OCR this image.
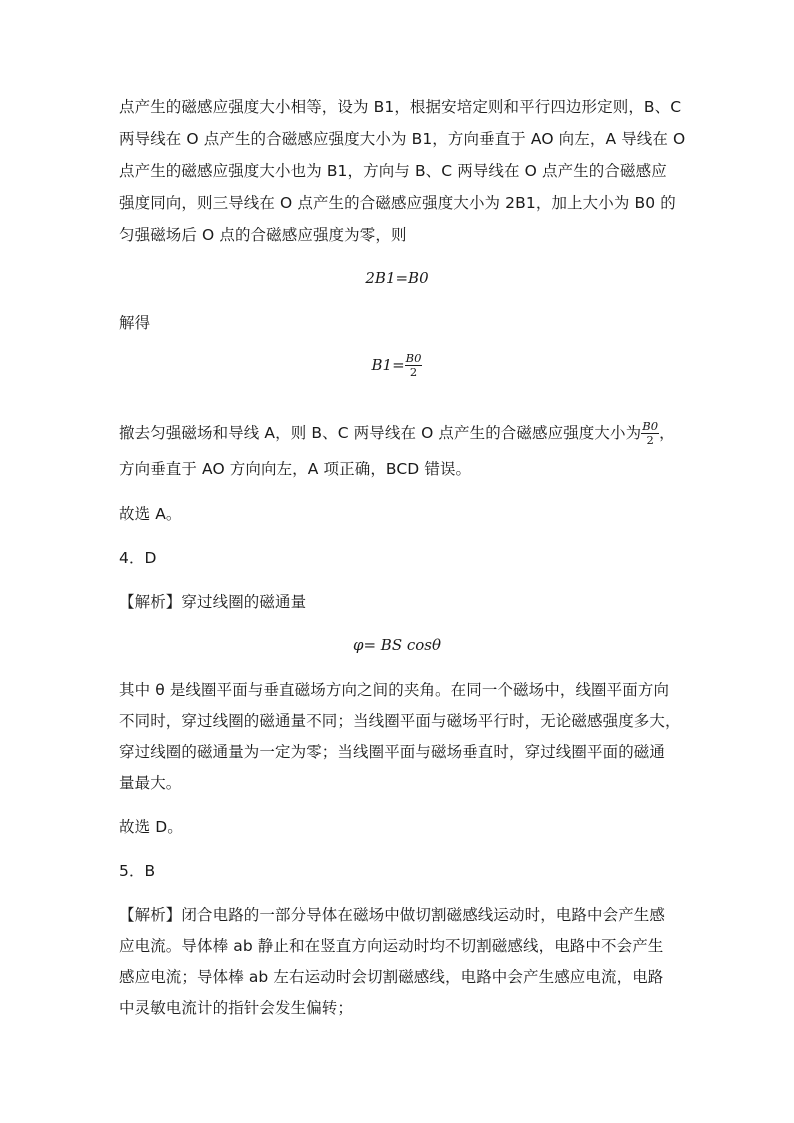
点产生的磁感应强度大小相等，设为 B1，根据安培定则和平行四边形定则，B、C
两导线在 O 点产生的合磁感应强度大小为 B1，方向垂直于 AO 向左，A 导线在 O
点产生的磁感应强度大小也为 B1，方向与 B、C 两导线在 O 点产生的合磁感应
强度同向，则三导线在 O 点产生的合磁感应强度大小为 2B1，加上大小为 B0 的
匀强磁场后 O 点的合磁感应强度为零，则
2B1=B0
解得
$B1= \frac{B0}{2}$
撤去匀强磁场和导线 A，则 B、C 两导线在 O 点产生的合磁感应强度大小为 $\frac{B0}{2}$ ，
方向垂直于 AO 方向向左，A 项正确，BCD 错误。
故选 A。
4．D
【解析】穿过线圈的磁通量
φ= BS cosθ
其中 θ 是线圈平面与垂直磁场方向之间的夹角。在同一个磁场中，线圈平面方向
不同时，穿过线圈的磁通量不同；当线圈平面与磁场平行时，无论磁感强度多大，
穿过线圈的磁通量为一定为零；当线圈平面与磁场垂直时，穿过线圈平面的磁通
量最大。
故选 D。
5．B
【解析】闭合电路的一部分导体在磁场中做切割磁感线运动时，电路中会产生感
应电流。导体棒 ab 静止和在竖直方向运动时均不切割磁感线，电路中不会产生
感应电流；导体棒 ab 左右运动时会切割磁感线，电路中会产生感应电流，电路
中灵敏电流计的指针会发生偏转；
